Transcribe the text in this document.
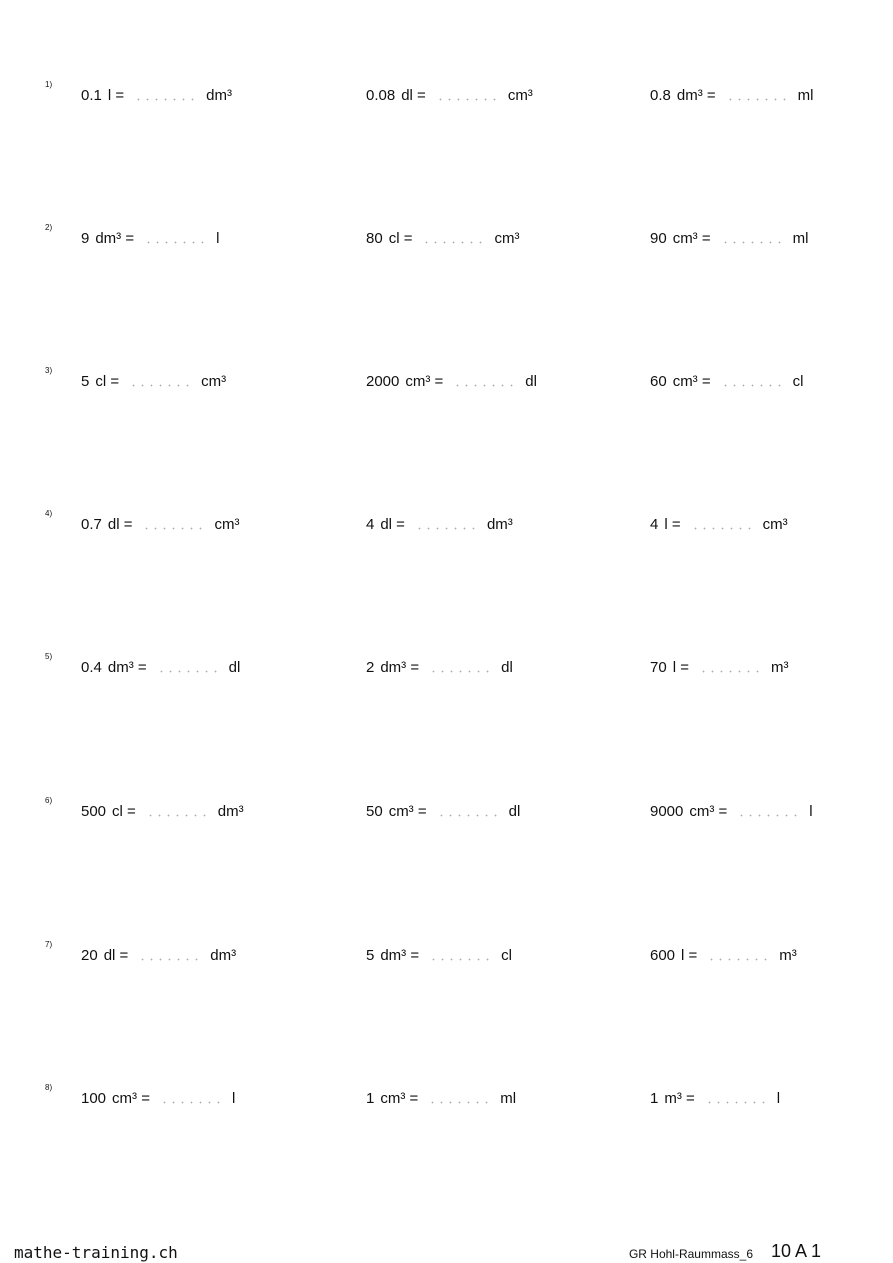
1)
0.1 l =	dm³	0.08 dl =	cm³	0.8 dm³ =	ml
2)
9 dm³ =	l	80 cl =	cm³	90 cm³ =	ml
3)
5 cl =	cm³	2000 cm³ =	dl	60 cm³ =	cl
4)
0.7 dl =	cm³	4 dl =	dm³	4 l =	cm³
5)
0.4 dm³ =	dl	2 dm³ =	dl	70 l =	m³
6)
500 cl =	dm³	50 cm³ =	dl	9000 cm³ =	l
7)
20 dl =	dm³	5 dm³ =	cl	600 l =	m³
8)
100 cm³ =	l	1 cm³ =	ml	1 m³ =	l
mathe-training.ch	GR Hohl-Raummass_6 10 A 1
